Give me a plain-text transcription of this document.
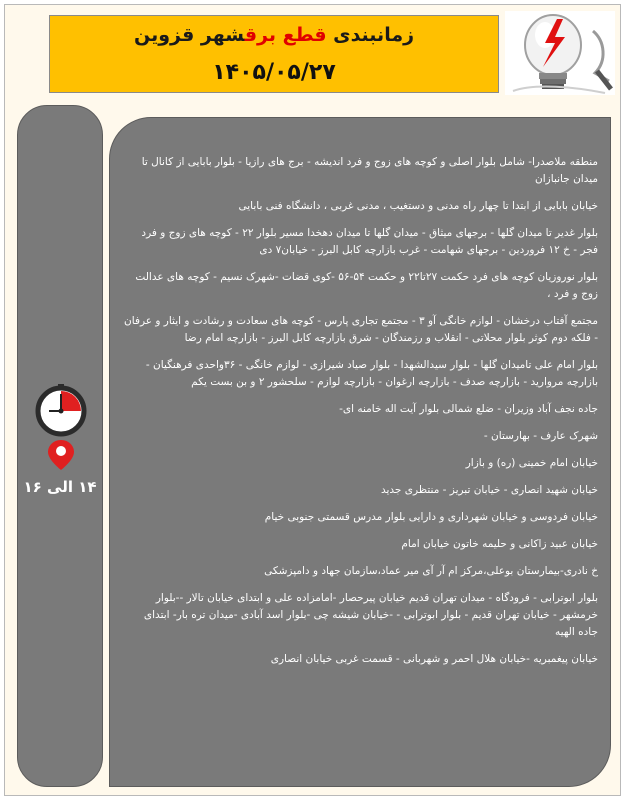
زمانبندی قطع برقشهر قزوین
۱۴۰۵/۰۵/۲۷
۱۴ الی ۱۶

منطقه ملاصدرا- شامل بلوار اصلی و کوچه های زوج و فرد اندیشه - برج های رازیا - بلوار بابایی از کانال تا میدان جانبازان

خیابان بابایی از ابتدا تا چهار راه مدنی و دستغیب ، مدنی غربی ، دانشگاه فنی بابایی

بلوار غدیر تا میدان گلها - برجهای میثاق - میدان گلها تا میدان دهخدا مسیر بلوار ۲۲ - کوچه های زوج و فرد فجر - خ ۱۲ فروردین - برجهای شهامت - غرب بازارچه کابل البرز - خیابان۷ دی

بلوار نوروزیان کوچه های فرد حکمت ۲۷تا۲۲ و حکمت ۵۴-۵۶ -کوی قضات -شهرک نسیم - کوچه های عدالت زوج و فرد ،

مجتمع آفتاب درخشان - لوازم خانگی آو ۳ - مجتمع تجاری پارس - کوچه های سعادت و رشادت و ایثار و عرفان - فلکه دوم کوثر بلوار محلاتی - انقلاب و رزمندگان - شرق بازارچه کابل البرز - بازارچه امام رضا

بلوار امام علی تامیدان گلها - بلوار سیدالشهدا - بلوار صیاد شیرازی - لوازم خانگی - ۳۶واحدی فرهنگیان - بازارچه مروارید - بازارچه صدف - بازارچه ارغوان - بازارچه لوازم - سلحشور ۲ و بن بست یکم

جاده نجف آباد وزیران - ضلع شمالی بلوار آیت اله خامنه ای-

شهرک عارف - بهارستان -

خیابان امام خمینی (ره) و بازار

خیابان شهید انصاری - خیابان تبریز - منتظری جدید

خیابان فردوسی و خیابان شهرداری و دارایی بلوار مدرس قسمتی جنوبی خیام

خیابان عبید زاکانی و حلیمه خاتون خیابان امام

خ نادری-بیمارستان بوعلی،مرکز ام آر آی میر عماد،سازمان جهاد و دامپزشکی

بلوار ابوترابی - فرودگاه - میدان تهران قدیم خیابان پیرحصار -امامزاده علی و ابتدای خیابان تالار --بلوار خرمشهر - خیابان تهران قدیم - بلوار ابوترابی - -خیابان شیشه چی -بلوار اسد آبادی -میدان تره بار- ابتدای جاده الهیه

خیابان پیغمبریه -خیابان هلال احمر و شهربانی - قسمت غربی خیابان انصاری
